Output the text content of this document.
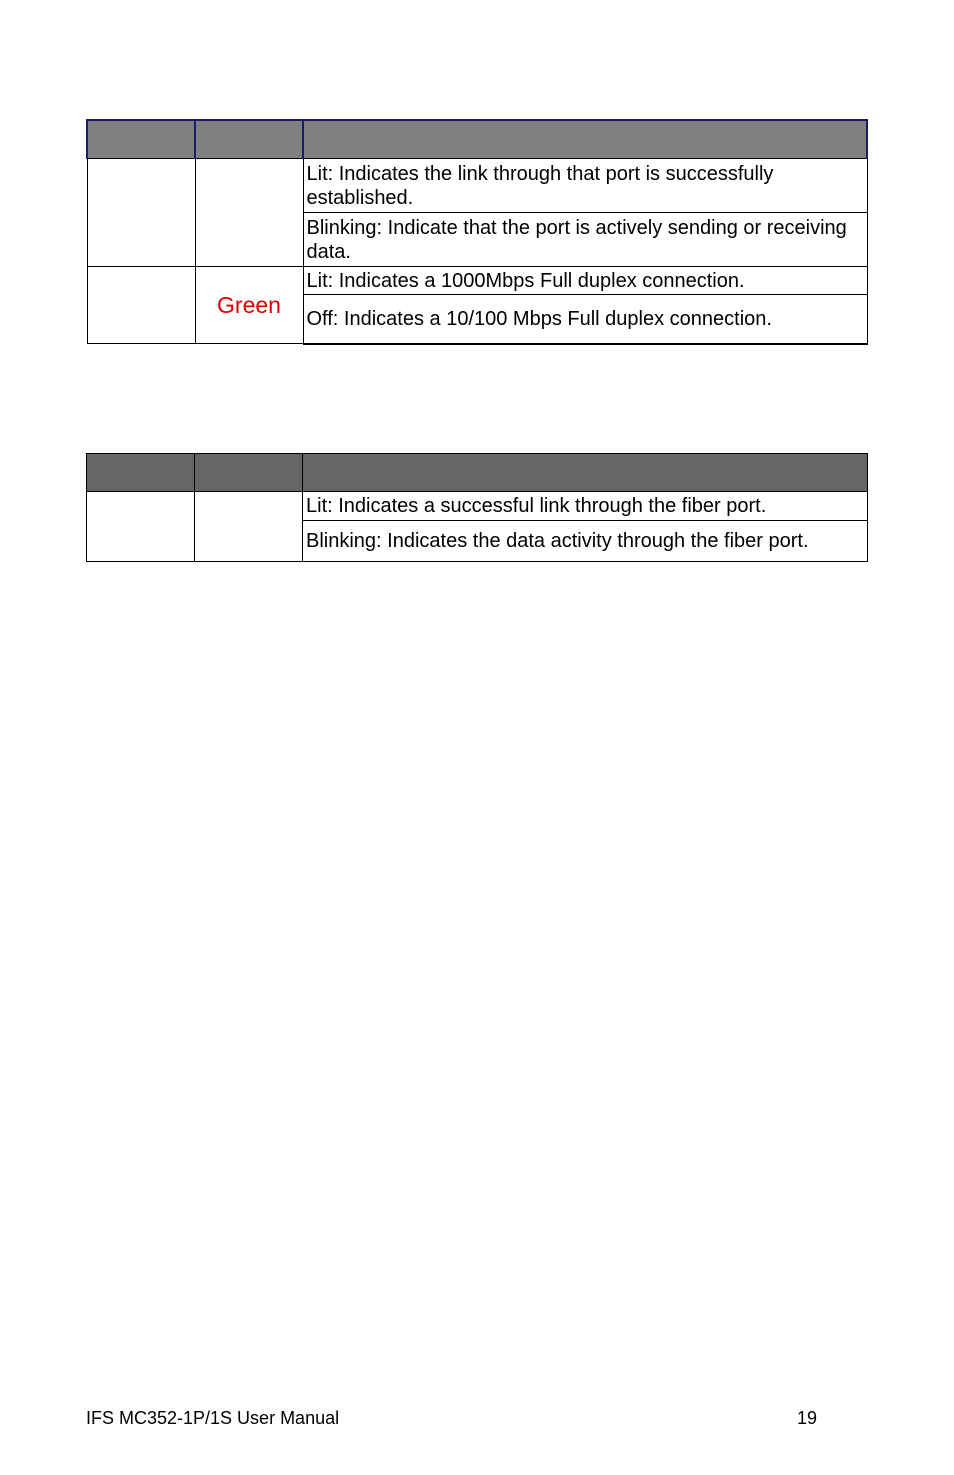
		Lit: Indicates the link through that port is successfully established.
		Blinking: Indicate that the port is actively sending or receiving data.
	Green	Lit: Indicates a 1000Mbps Full duplex connection.
		Off: Indicates a 10/100 Mbps Full duplex connection.

		Lit: Indicates a successful link through the fiber port.
		Blinking: Indicates the data activity through the fiber port.
IFS MC352-1P/1S User Manual	19
